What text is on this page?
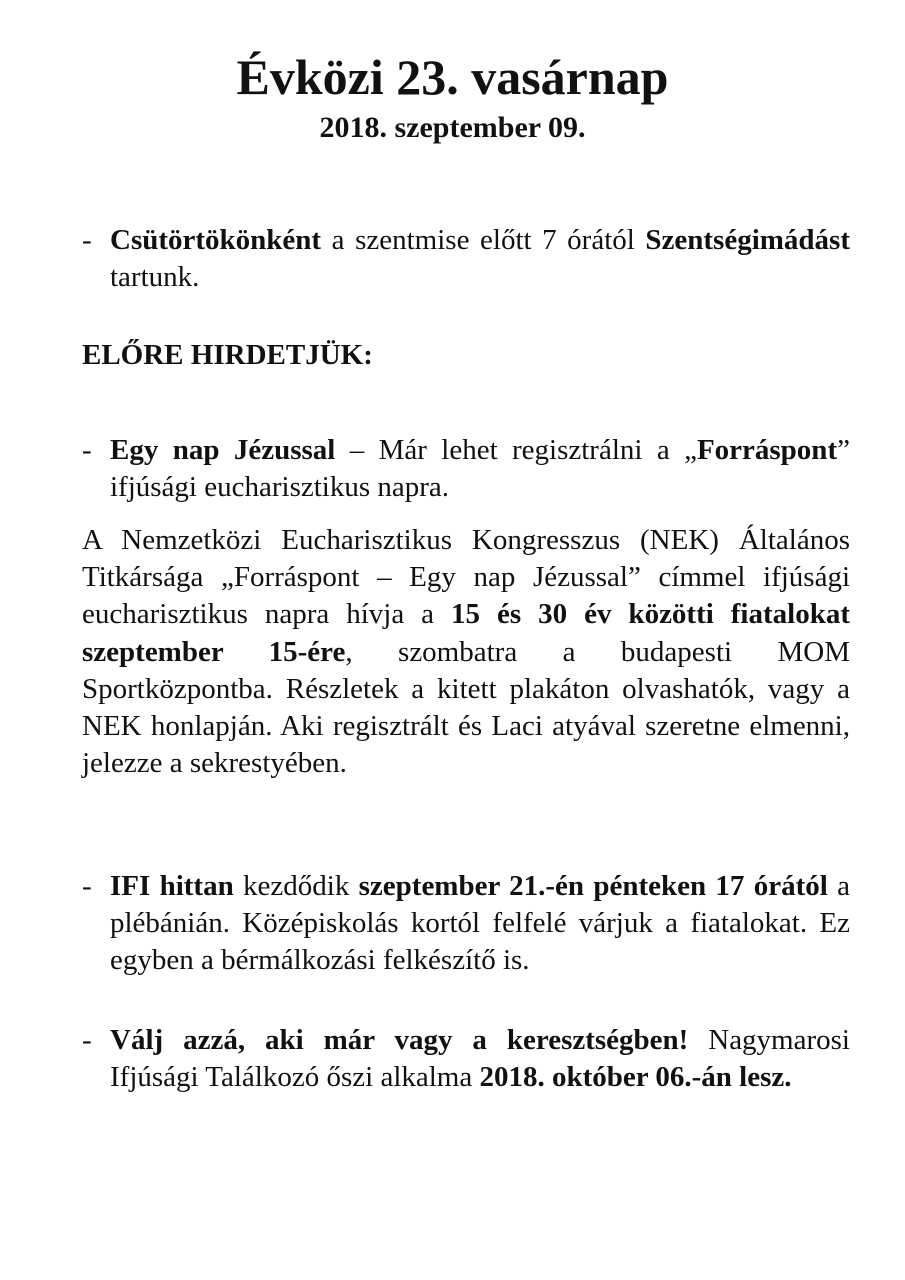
Évközi 23. vasárnap
2018. szeptember 09.
- Csütörtökönként a szentmise előtt 7 órától Szentségimádást tartunk.
ELŐRE HIRDETJÜK:
- Egy nap Jézussal – Már lehet regisztrálni a „Forráspont” ifjúsági eucharisztikus napra.
A Nemzetközi Eucharisztikus Kongresszus (NEK) Általános Titkársága „Forráspont – Egy nap Jézussal” címmel ifjúsági eucharisztikus napra hívja a 15 és 30 év közötti fiatalokat szeptember 15-ére, szombatra a budapesti MOM Sportközpontba. Részletek a kitett plakáton olvashatók, vagy a NEK honlapján. Aki regisztrált és Laci atyával szeretne elmenni, jelezze a sekrestyében.
- IFI hittan kezdődik szeptember 21.-én pénteken 17 órától a plébánián. Középiskolás kortól felfelé várjuk a fiatalokat. Ez egyben a bérmálkozási felkészítő is.
- Válj azzá, aki már vagy a keresztségben! Nagymarosi Ifjúsági Találkozó őszi alkalma 2018. október 06.-án lesz.
